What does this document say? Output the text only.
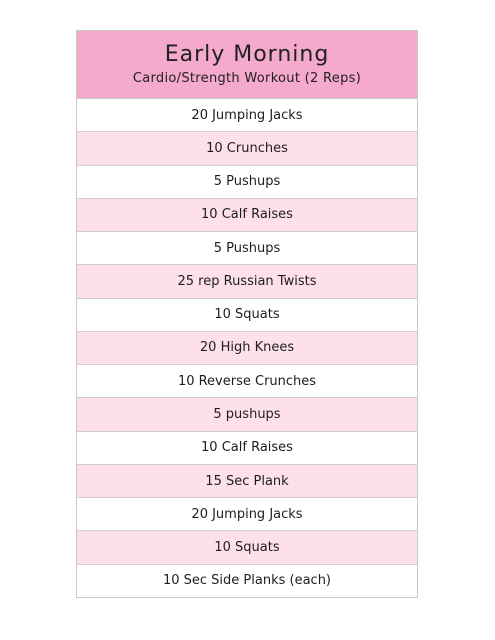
Early Morning
Cardio/Strength Workout (2 Reps)
20 Jumping Jacks
10 Crunches
5 Pushups
10 Calf Raises
5 Pushups
25 rep Russian Twists
10 Squats
20 High Knees
10 Reverse Crunches
5 pushups
10 Calf Raises
15 Sec Plank
20 Jumping Jacks
10 Squats
10 Sec Side Planks (each)
